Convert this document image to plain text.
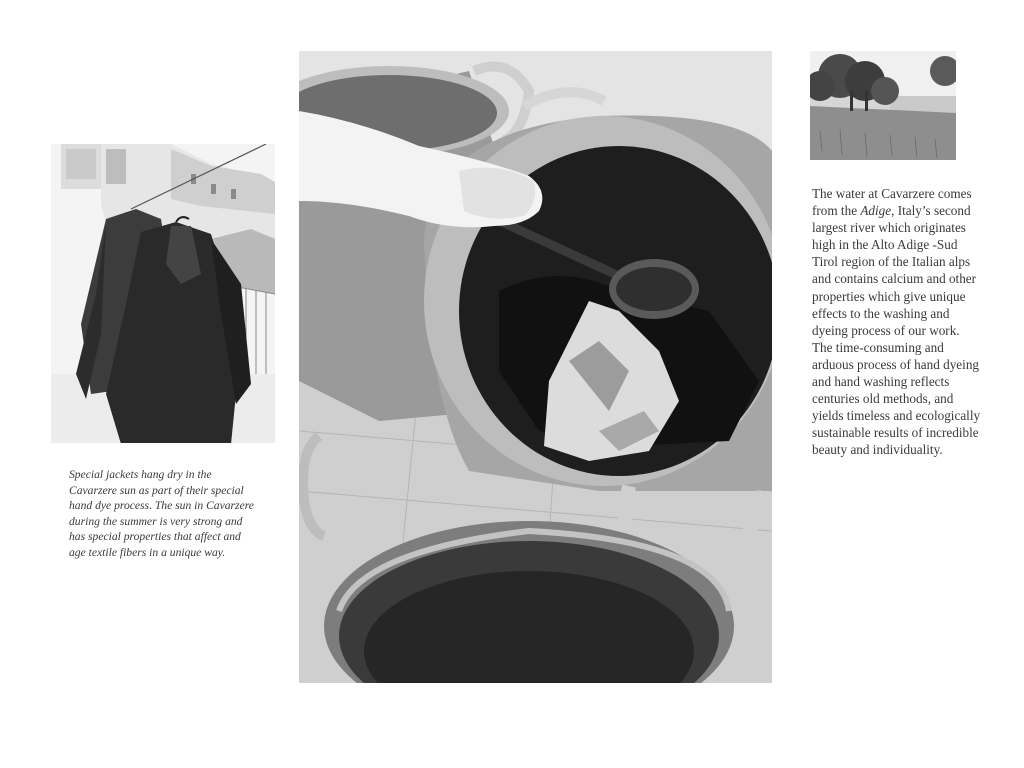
Special jackets hang dry in the Cavarzere sun as part of their special hand dye process. The sun in Cavarzere during the summer is very strong and has special properties that affect and age textile fibers in a unique way.

The water at Cavarzere comes from the Adige, Italy’s second largest river which originates high in the Alto Adige -Sud Tirol region of the Italian alps and contains calcium and other properties which give unique effects to the washing and dyeing process of our work. The time-consuming and arduous process of hand dyeing and hand washing reflects centuries old methods, and yields timeless and ecologically sustainable results of incredible beauty and individuality.
